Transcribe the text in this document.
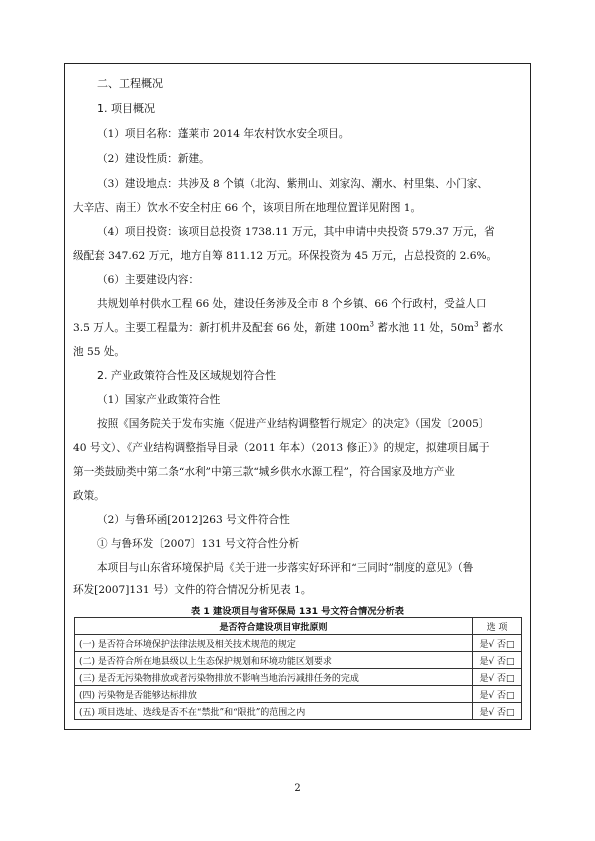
二、工程概况
1. 项目概况
（1）项目名称：蓬莱市 2014 年农村饮水安全项目。
（2）建设性质：新建。
（3）建设地点：共涉及 8 个镇（北沟、紫荆山、刘家沟、潮水、村里集、小门家、
大辛店、南王）饮水不安全村庄 66 个，该项目所在地理位置详见附图 1。
（4）项目投资：该项目总投资 1738.11 万元，其中申请中央投资 579.37 万元，省
级配套 347.62 万元，地方自筹 811.12 万元。环保投资为 45 万元，占总投资的 2.6%。
（6）主要建设内容：
共规划单村供水工程 66 处，建设任务涉及全市 8 个乡镇、66 个行政村，受益人口
3.5 万人。主要工程量为：新打机井及配套 66 处，新建 $100m^3$ 蓄水池 11 处，$50m^3$ 蓄水
池 55 处。
2. 产业政策符合性及区域规划符合性
（1）国家产业政策符合性
按照《国务院关于发布实施〈促进产业结构调整暂行规定〉的决定》（国发〔2005〕
40 号文）、《产业结构调整指导目录（2011 年本）（2013 修正）》的规定，拟建项目属于
第一类鼓励类中第二条“水利”中第三款“城乡供水水源工程”，符合国家及地方产业
政策。
（2）与鲁环函[2012]263 号文件符合性
① 与鲁环发〔2007〕131 号文符合性分析
本项目与山东省环境保护局《关于进一步落实好环评和“三同时”制度的意见》（鲁
环发[2007]131 号）文件的符合情况分析见表 1。
表 1 建设项目与省环保局 131 号文符合情况分析表
是否符合建设项目审批原则	选 项
(一) 是否符合环境保护法律法规及相关技术规范的规定	是√ 否□
(二) 是否符合所在地县级以上生态保护规划和环境功能区划要求	是√ 否□
(三) 是否无污染物排放或者污染物排放不影响当地治污减排任务的完成	是√ 否□
(四) 污染物是否能够达标排放	是√ 否□
(五) 项目选址、选线是否不在“禁批”和“限批”的范围之内	是√ 否□
2
